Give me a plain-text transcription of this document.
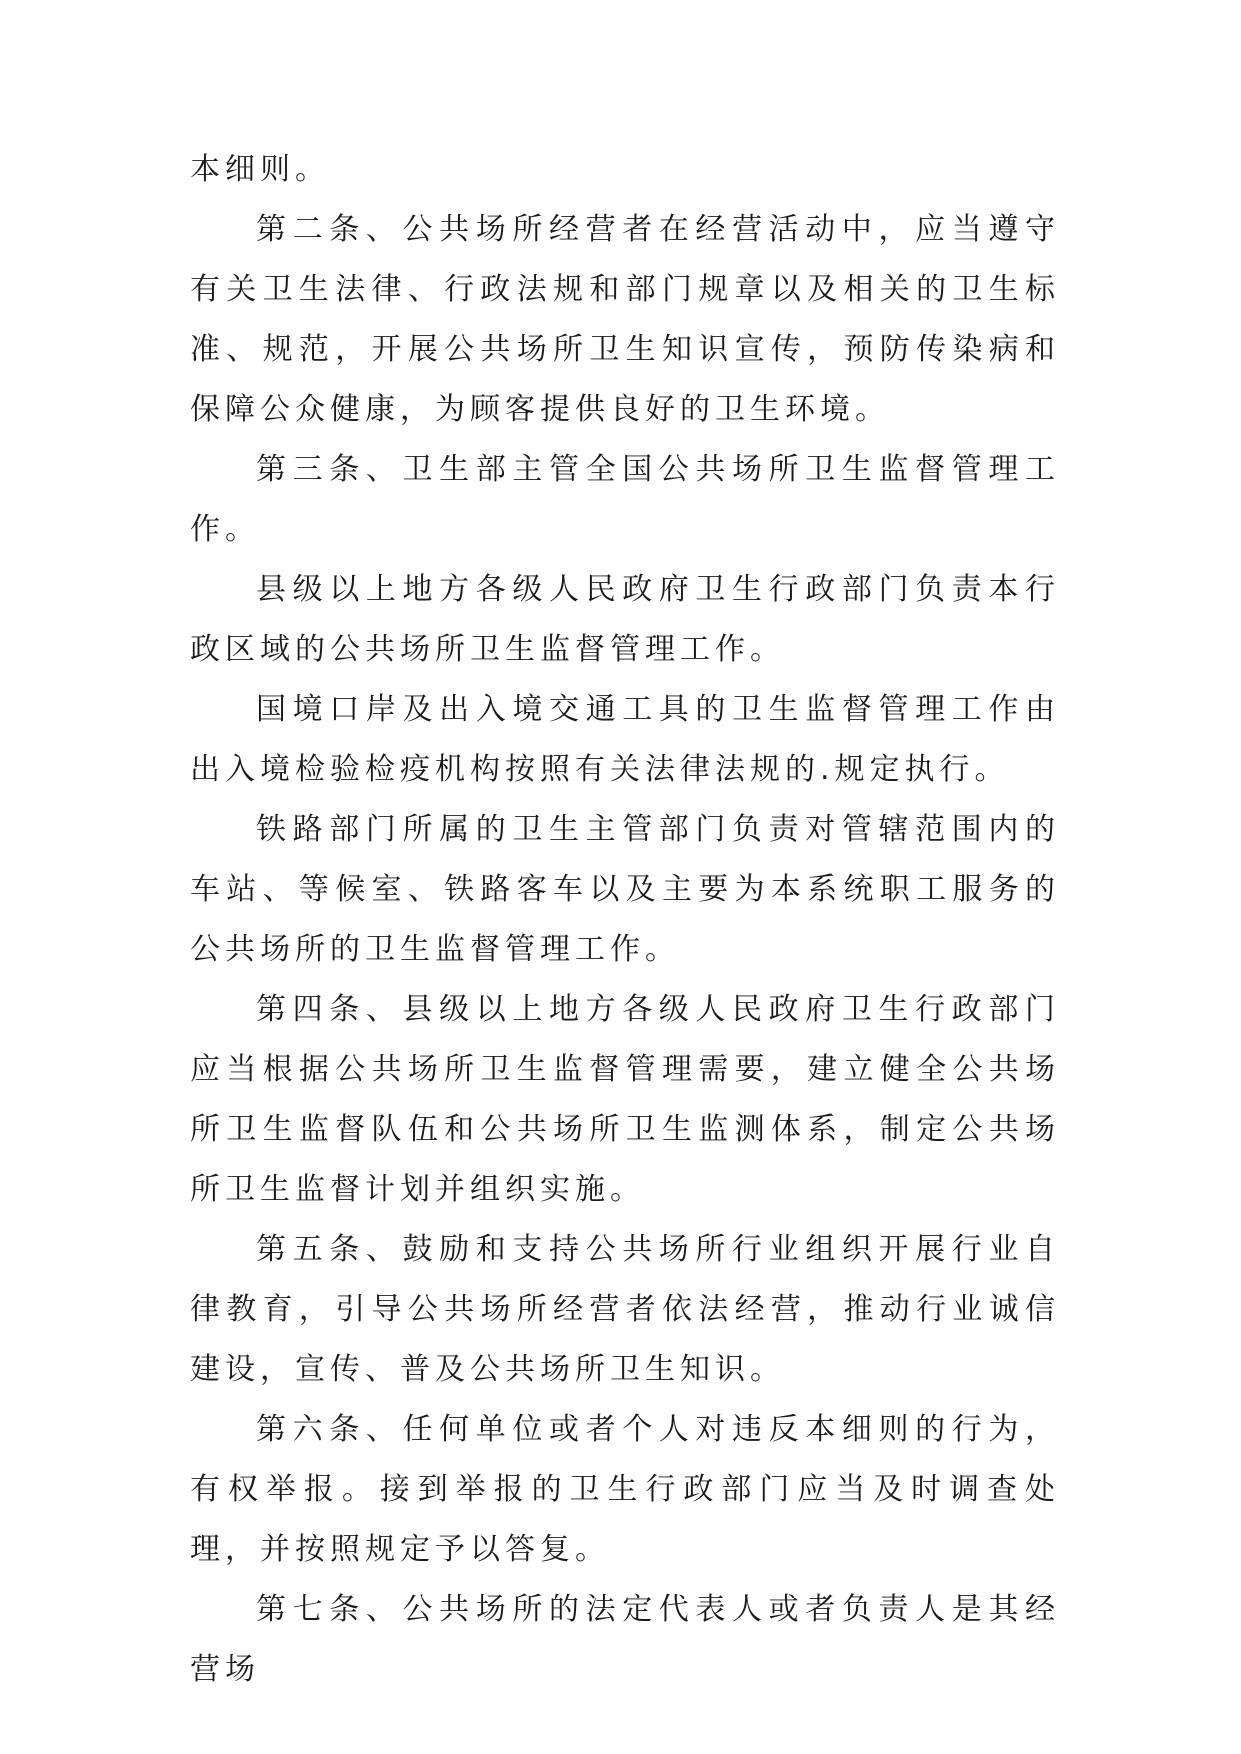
本细则。

第二条、公共场所经营者在经营活动中，应当遵守有关卫生法律、行政法规和部门规章以及相关的卫生标准、规范，开展公共场所卫生知识宣传，预防传染病和保障公众健康，为顾客提供良好的卫生环境。

第三条、卫生部主管全国公共场所卫生监督管理工作。

县级以上地方各级人民政府卫生行政部门负责本行政区域的公共场所卫生监督管理工作。

国境口岸及出入境交通工具的卫生监督管理工作由出入境检验检疫机构按照有关法律法规的.规定执行。

铁路部门所属的卫生主管部门负责对管辖范围内的车站、等候室、铁路客车以及主要为本系统职工服务的公共场所的卫生监督管理工作。

第四条、县级以上地方各级人民政府卫生行政部门应当根据公共场所卫生监督管理需要，建立健全公共场所卫生监督队伍和公共场所卫生监测体系，制定公共场所卫生监督计划并组织实施。

第五条、鼓励和支持公共场所行业组织开展行业自律教育，引导公共场所经营者依法经营，推动行业诚信建设，宣传、普及公共场所卫生知识。

第六条、任何单位或者个人对违反本细则的行为，有权举报。接到举报的卫生行政部门应当及时调查处理，并按照规定予以答复。

第七条、公共场所的法定代表人或者负责人是其经营场
